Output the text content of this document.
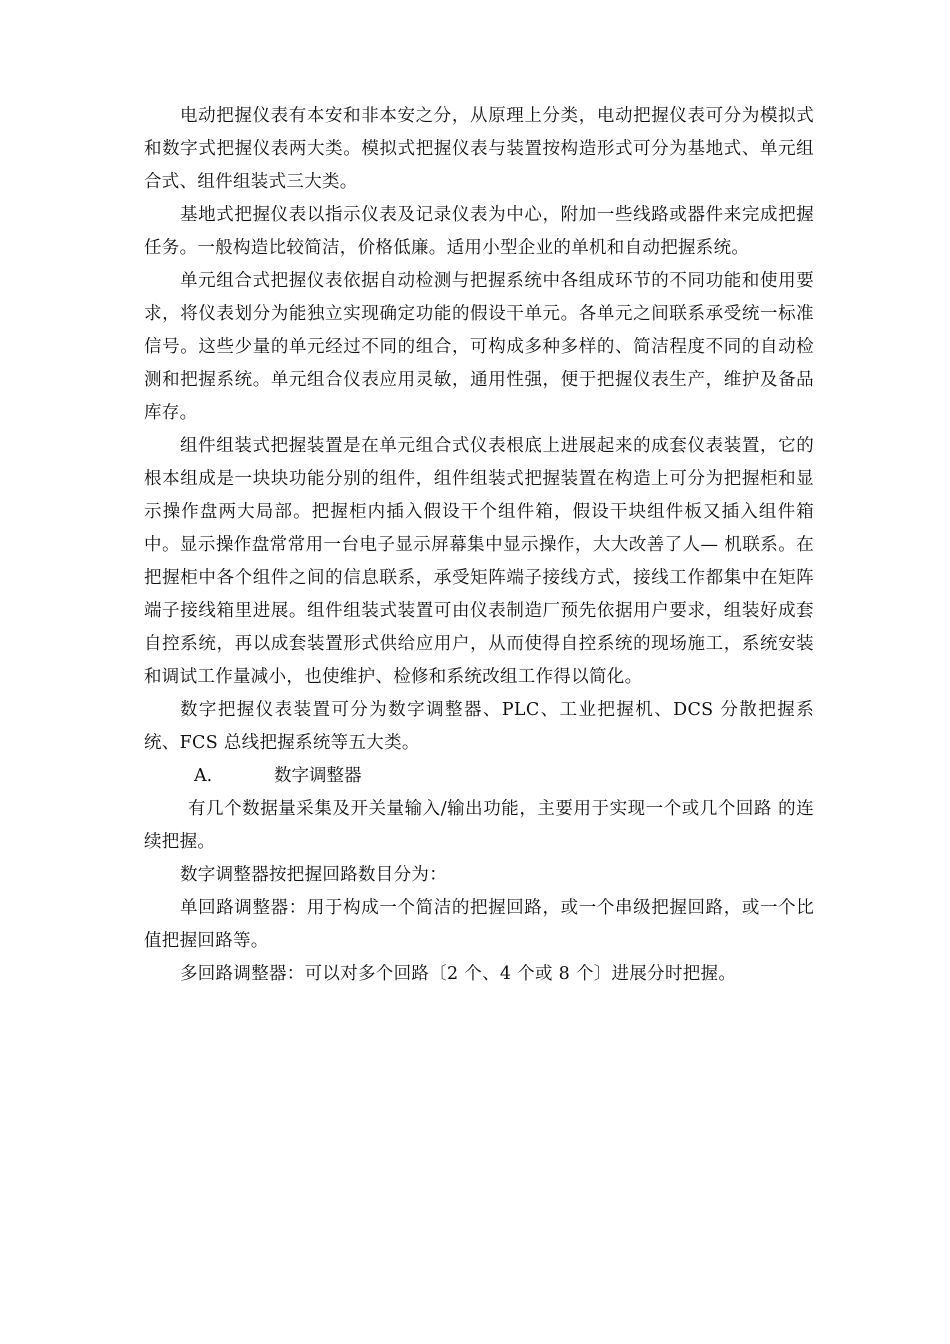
电动把握仪表有本安和非本安之分，从原理上分类，电动把握仪表可分为模拟式和数字式把握仪表两大类。模拟式把握仪表与装置按构造形式可分为基地式、单元组合式、组件组装式三大类。

基地式把握仪表以指示仪表及记录仪表为中心，附加一些线路或器件来完成把握任务。一般构造比较简洁，价格低廉。适用小型企业的单机和自动把握系统。

单元组合式把握仪表依据自动检测与把握系统中各组成环节的不同功能和使用要求，将仪表划分为能独立实现确定功能的假设干单元。各单元之间联系承受统一标准信号。这些少量的单元经过不同的组合，可构成多种多样的、简洁程度不同的自动检测和把握系统。单元组合仪表应用灵敏，通用性强，便于把握仪表生产，维护及备品库存。

组件组装式把握装置是在单元组合式仪表根底上进展起来的成套仪表装置，它的根本组成是一块块功能分别的组件，组件组装式把握装置在构造上可分为把握柜和显示操作盘两大局部。把握柜内插入假设干个组件箱，假设干块组件板又插入组件箱中。显示操作盘常常用一台电子显示屏幕集中显示操作，大大改善了人— 机联系。在把握柜中各个组件之间的信息联系，承受矩阵端子接线方式，接线工作都集中在矩阵端子接线箱里进展。组件组装式装置可由仪表制造厂预先依据用户要求，组装好成套自控系统，再以成套装置形式供给应用户，从而使得自控系统的现场施工，系统安装和调试工作量减小，也使维护、检修和系统改组工作得以简化。

数字把握仪表装置可分为数字调整器、PLC、工业把握机、DCS 分散把握系统、FCS 总线把握系统等五大类。

A.	数字调整器

有几个数据量采集及开关量输入/输出功能，主要用于实现一个或几个回路 的连续把握。

数字调整器按把握回路数目分为：

单回路调整器：用于构成一个简洁的把握回路，或一个串级把握回路，或一个比值把握回路等。

多回路调整器：可以对多个回路〔2 个、4 个或 8 个〕进展分时把握。
